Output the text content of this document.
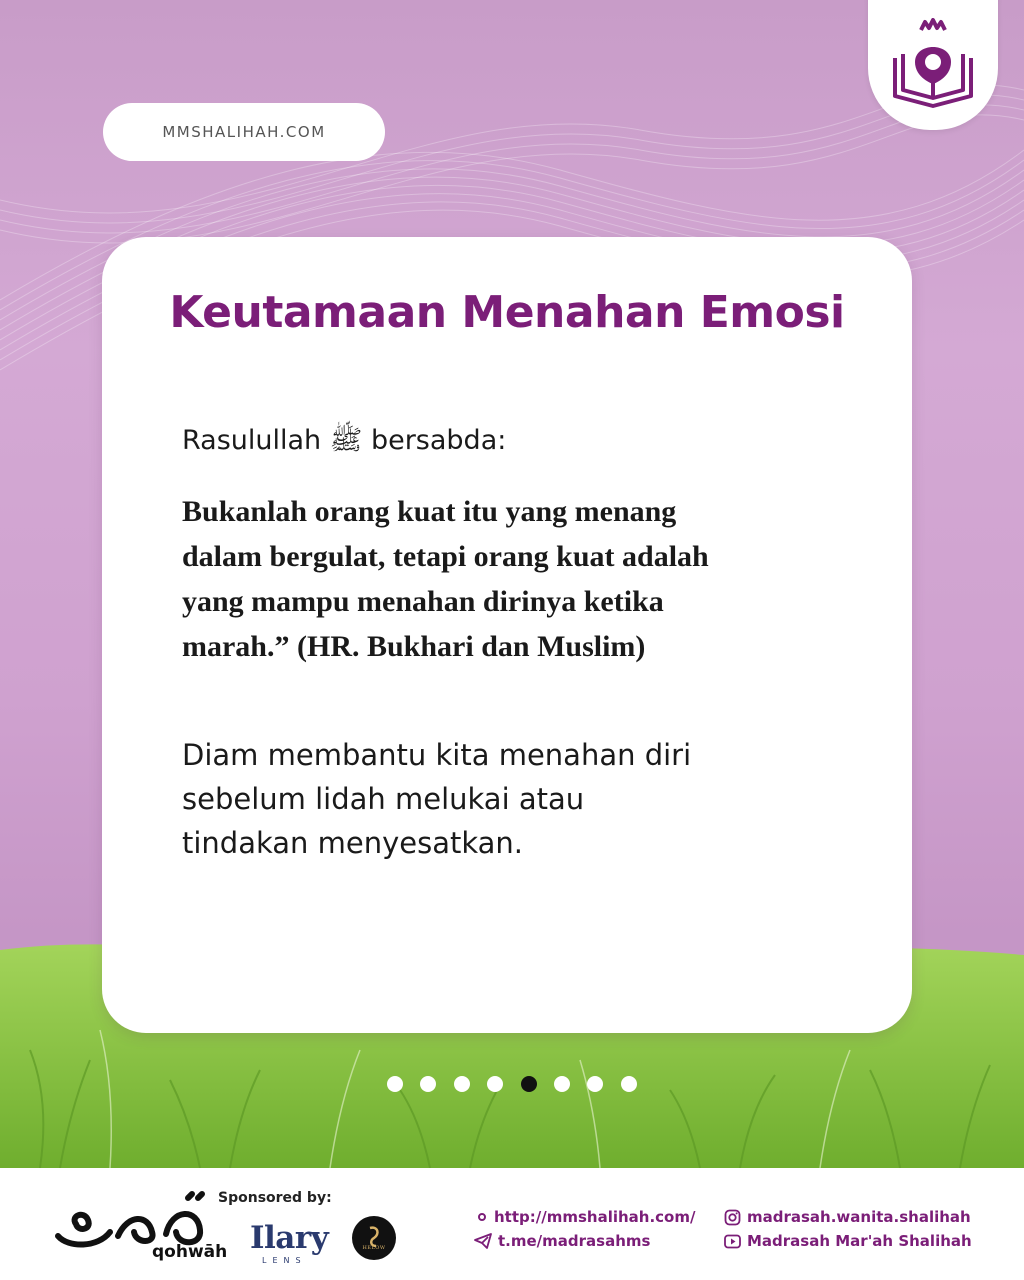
MMSHALIHAH.COM
Keutamaan Menahan Emosi

Rasulullah ﷺ bersabda:

Bukanlah orang kuat itu yang menang
dalam bergulat, tetapi orang kuat adalah
yang mampu menahan dirinya ketika
marah.” (HR. Bukhari dan Muslim)
Diam membantu kita menahan diri
sebelum lidah melukai atau
tindakan menyesatkan.
qohwāh
Sponsored by:
Ilary
LENS
HELOW
http://mmshalihah.com/
t.me/madrasahms
madrasah.wanita.shalihah
Madrasah Mar'ah Shalihah
